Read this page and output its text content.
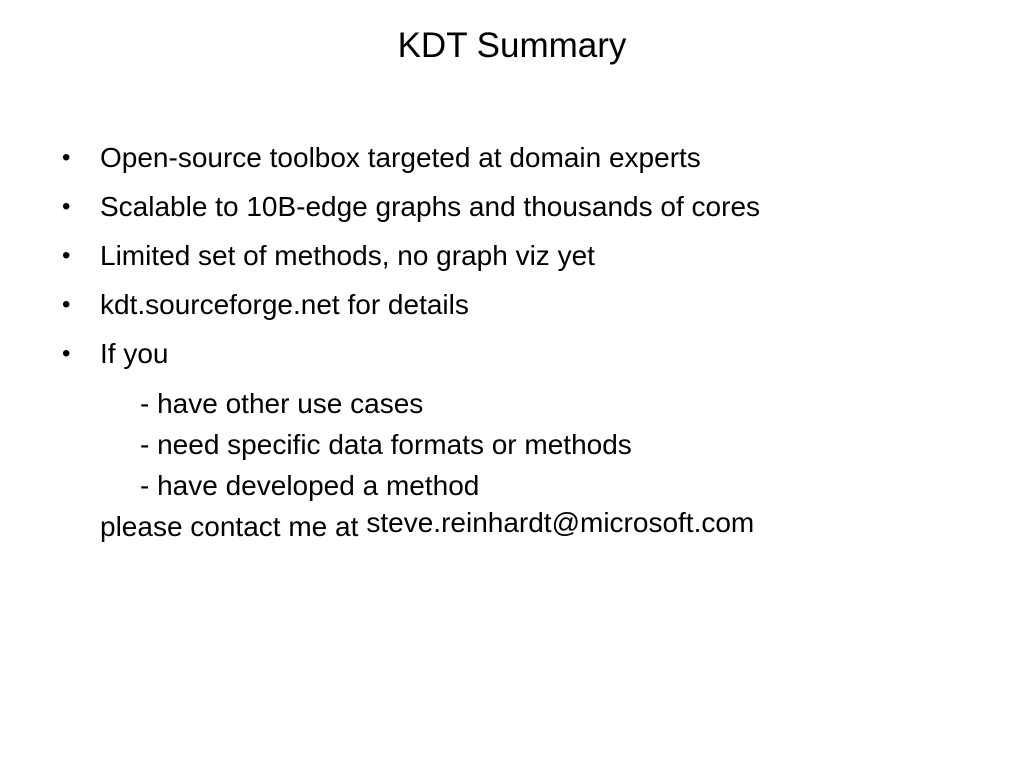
KDT Summary
•	Open-source toolbox targeted at domain experts
•	Scalable to 10B-edge graphs and thousands of cores
•	Limited set of methods, no graph viz yet
•	kdt.sourceforge.net for details
•	If you
- have other use cases
- need specific data formats or methods
- have developed a method
please contact me at steve.reinhardt@microsoft.com
